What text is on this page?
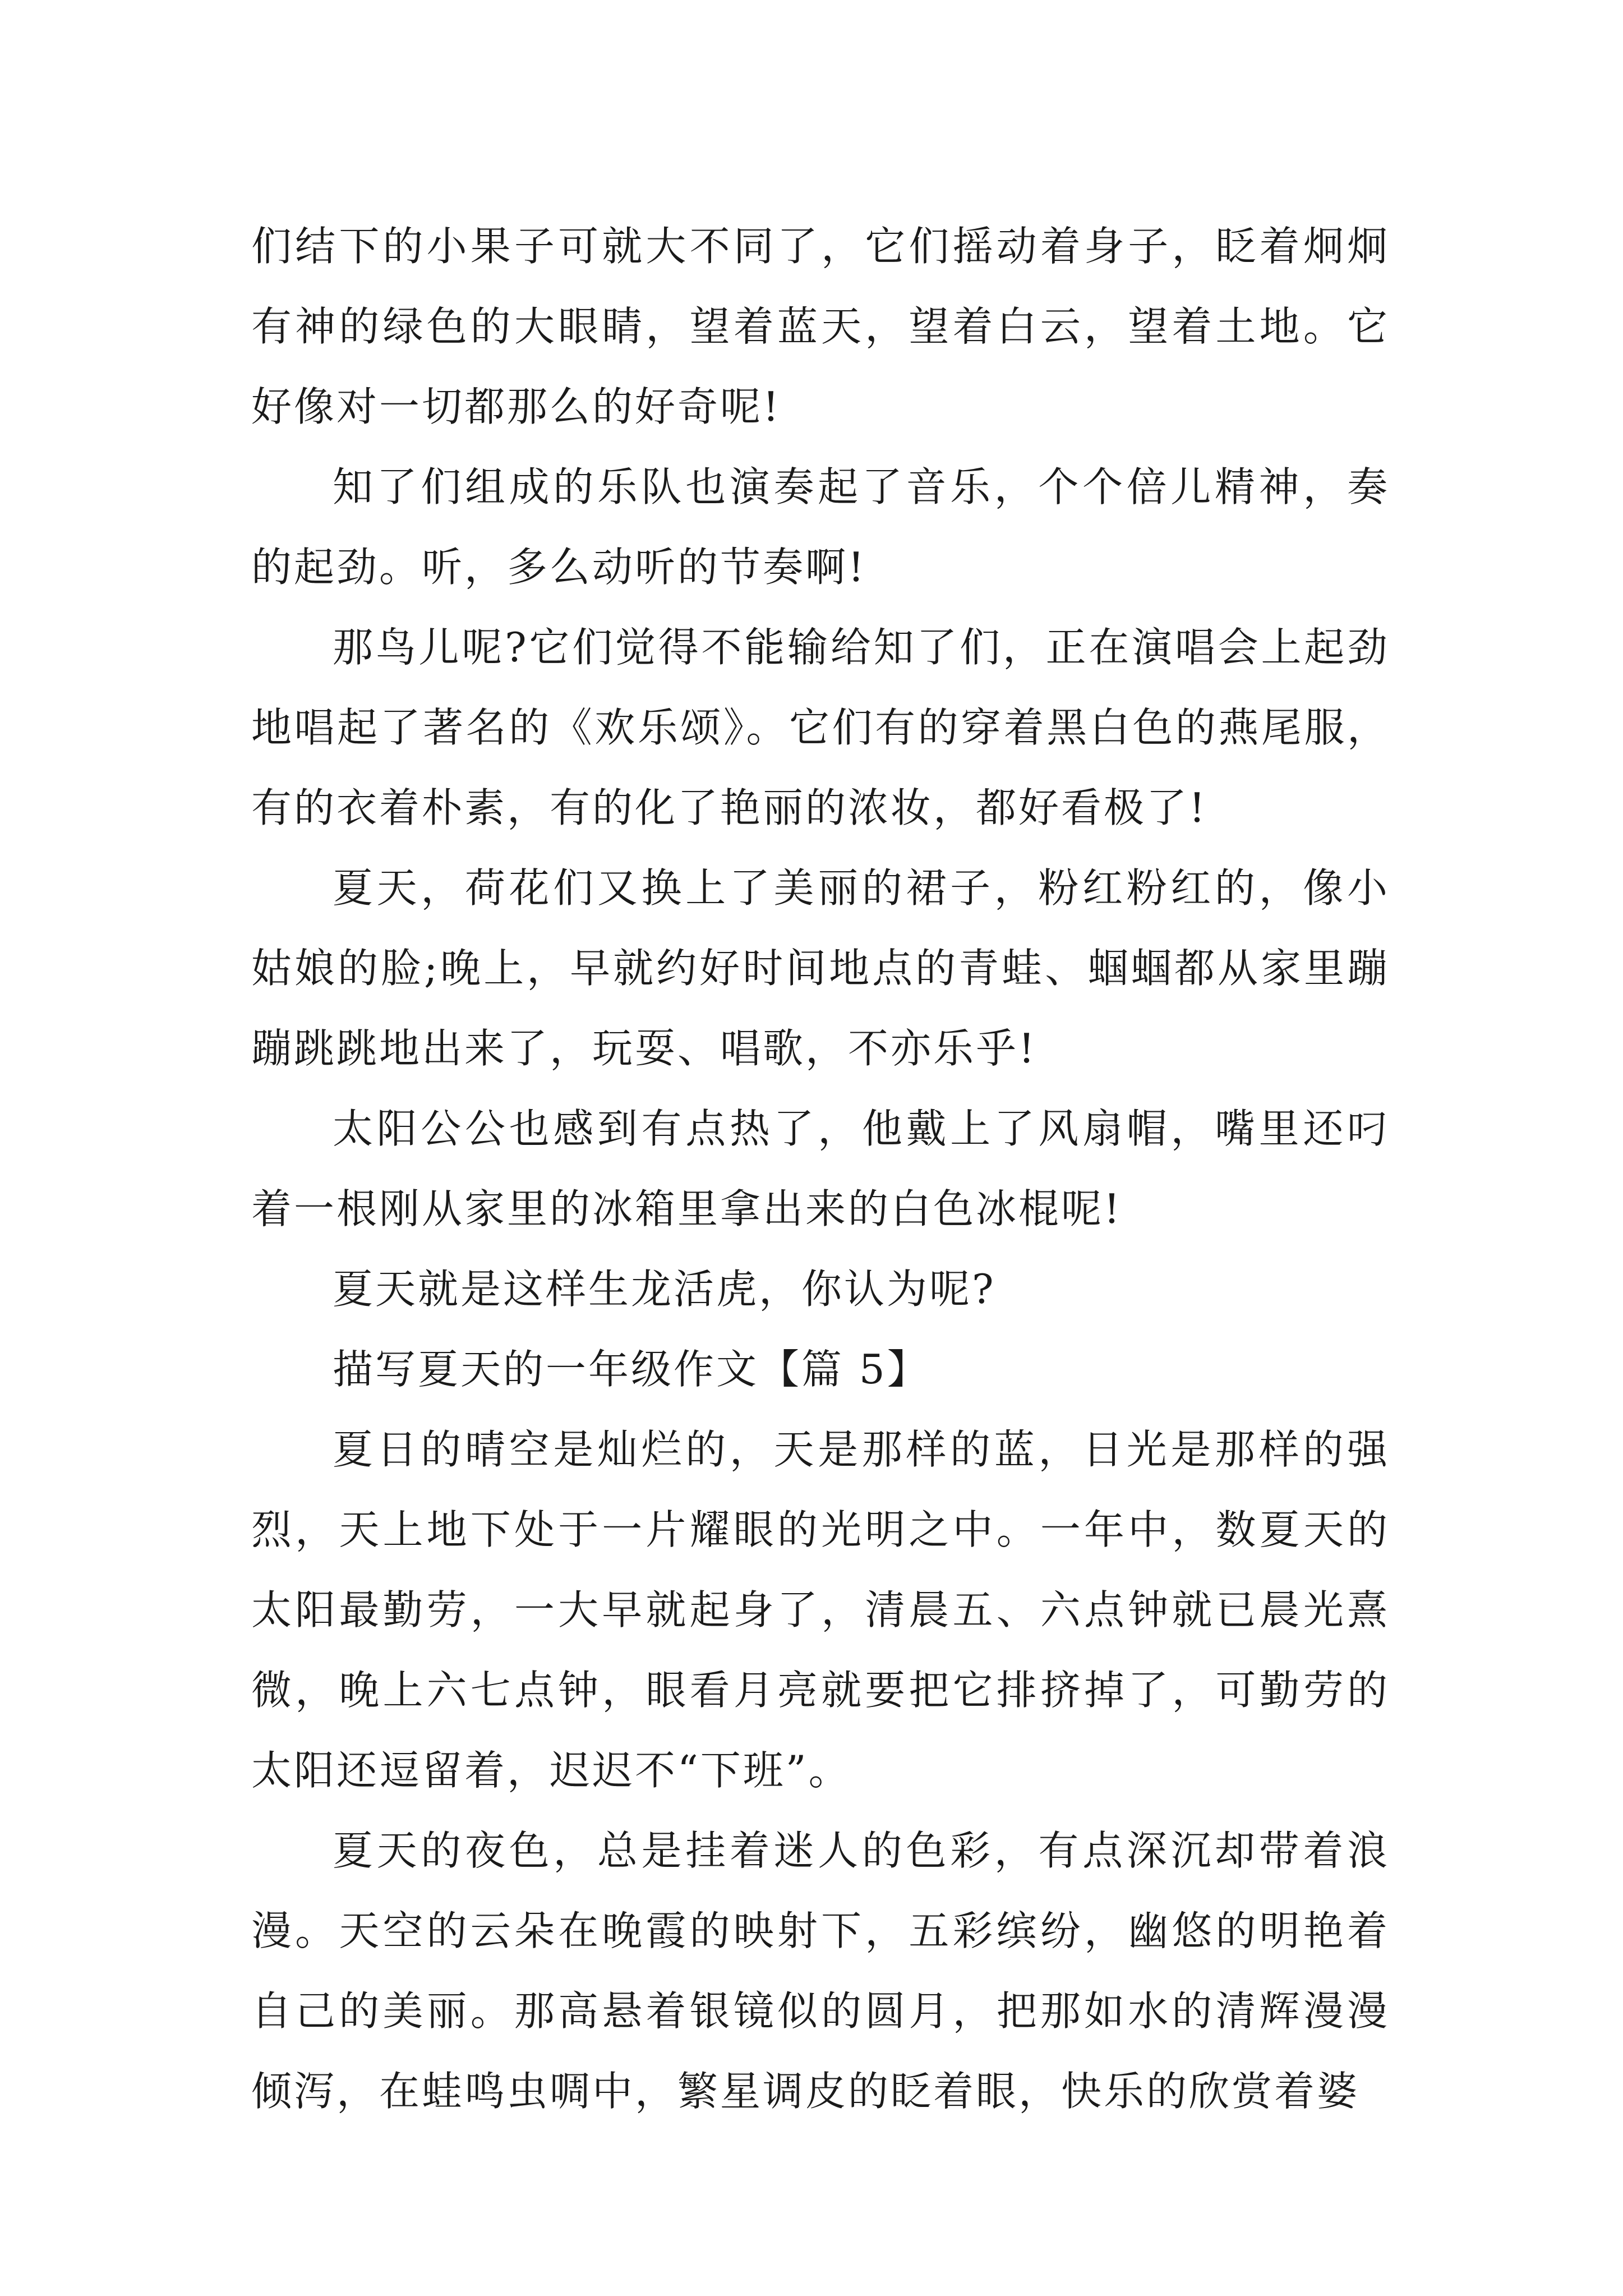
们结下的小果子可就大不同了，它们摇动着身子，眨着炯炯有神的绿色的大眼睛，望着蓝天，望着白云，望着土地。它好像对一切都那么的好奇呢!

知了们组成的乐队也演奏起了音乐，个个倍儿精神，奏的起劲。听，多么动听的节奏啊!

那鸟儿呢?它们觉得不能输给知了们，正在演唱会上起劲地唱起了著名的《欢乐颂》。它们有的穿着黑白色的燕尾服，有的衣着朴素，有的化了艳丽的浓妆，都好看极了!

夏天，荷花们又换上了美丽的裙子，粉红粉红的，像小姑娘的脸;晚上，早就约好时间地点的青蛙、蝈蝈都从家里蹦蹦跳跳地出来了，玩耍、唱歌，不亦乐乎!

太阳公公也感到有点热了，他戴上了风扇帽，嘴里还叼着一根刚从家里的冰箱里拿出来的白色冰棍呢!

夏天就是这样生龙活虎，你认为呢?

描写夏天的一年级作文【篇 5】

夏日的晴空是灿烂的，天是那样的蓝，日光是那样的强烈，天上地下处于一片耀眼的光明之中。一年中，数夏天的太阳最勤劳，一大早就起身了，清晨五、六点钟就已晨光熹微，晚上六七点钟，眼看月亮就要把它排挤掉了，可勤劳的太阳还逗留着，迟迟不“下班”。

夏天的夜色，总是挂着迷人的色彩，有点深沉却带着浪漫。天空的云朵在晚霞的映射下，五彩缤纷，幽悠的明艳着自己的美丽。那高悬着银镜似的圆月，把那如水的清辉漫漫倾泻，在蛙鸣虫啁中，繁星调皮的眨着眼，快乐的欣赏着婆
